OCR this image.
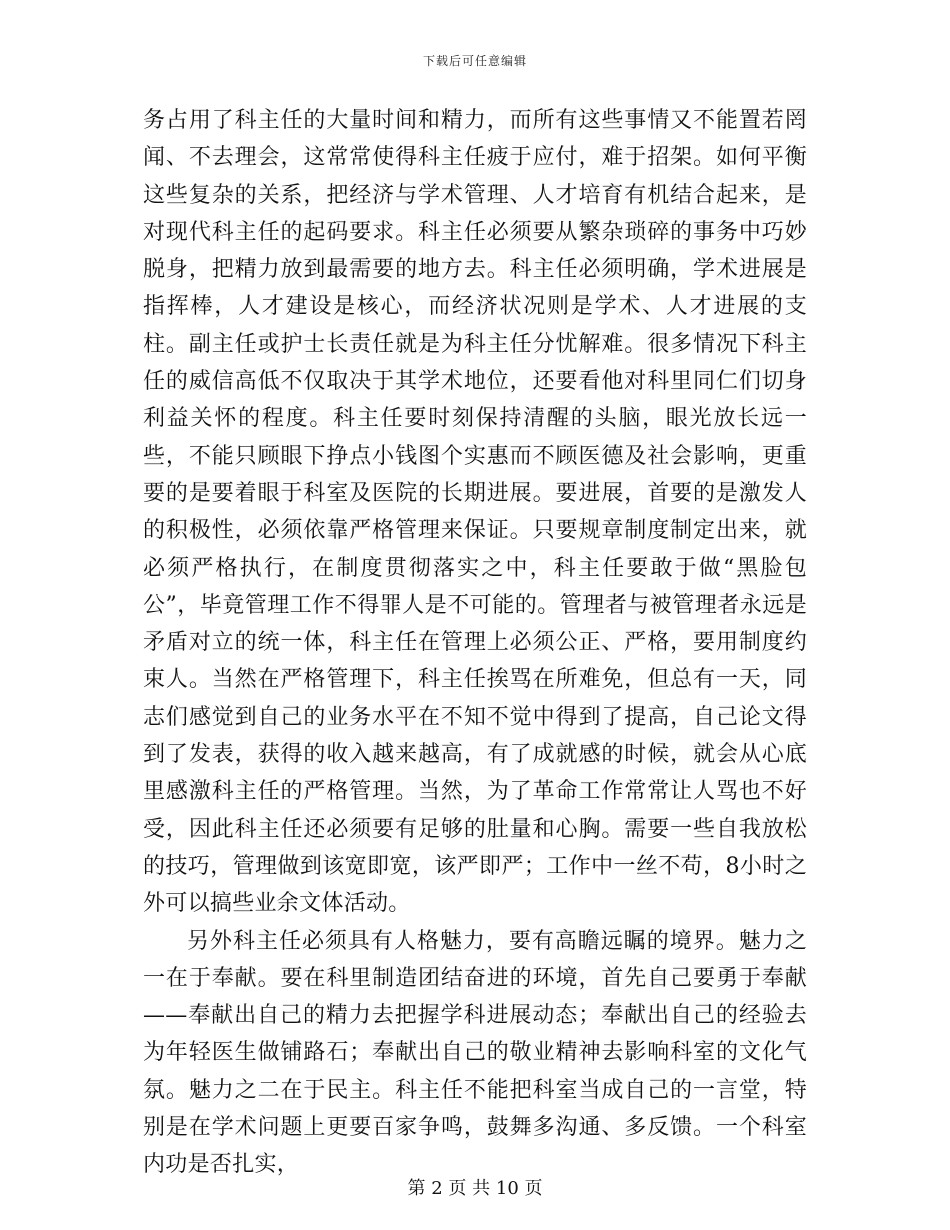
下载后可任意编辑

务占用了科主任的大量时间和精力，而所有这些事情又不能置若罔闻、不去理会，这常常使得科主任疲于应付，难于招架。如何平衡这些复杂的关系，把经济与学术管理、人才培育有机结合起来，是对现代科主任的起码要求。科主任必须要从繁杂琐碎的事务中巧妙脱身，把精力放到最需要的地方去。科主任必须明确，学术进展是指挥棒，人才建设是核心，而经济状况则是学术、人才进展的支柱。副主任或护士长责任就是为科主任分忧解难。很多情况下科主任的威信高低不仅取决于其学术地位，还要看他对科里同仁们切身利益关怀的程度。科主任要时刻保持清醒的头脑，眼光放长远一些，不能只顾眼下挣点小钱图个实惠而不顾医德及社会影响，更重要的是要着眼于科室及医院的长期进展。要进展，首要的是激发人的积极性，必须依靠严格管理来保证。只要规章制度制定出来，就必须严格执行，在制度贯彻落实之中，科主任要敢于做“黑脸包公”，毕竟管理工作不得罪人是不可能的。管理者与被管理者永远是矛盾对立的统一体，科主任在管理上必须公正、严格，要用制度约束人。当然在严格管理下，科主任挨骂在所难免，但总有一天，同志们感觉到自己的业务水平在不知不觉中得到了提高，自己论文得到了发表，获得的收入越来越高，有了成就感的时候，就会从心底里感激科主任的严格管理。当然，为了革命工作常常让人骂也不好受，因此科主任还必须要有足够的肚量和心胸。需要一些自我放松的技巧，管理做到该宽即宽，该严即严；工作中一丝不苟，8小时之外可以搞些业余文体活动。

另外科主任必须具有人格魅力，要有高瞻远瞩的境界。魅力之一在于奉献。要在科里制造团结奋进的环境，首先自己要勇于奉献——奉献出自己的精力去把握学科进展动态；奉献出自己的经验去为年轻医生做铺路石；奉献出自己的敬业精神去影响科室的文化气氛。魅力之二在于民主。科主任不能把科室当成自己的一言堂，特别是在学术问题上更要百家争鸣，鼓舞多沟通、多反馈。一个科室内功是否扎实，

第 2 页 共 10 页
